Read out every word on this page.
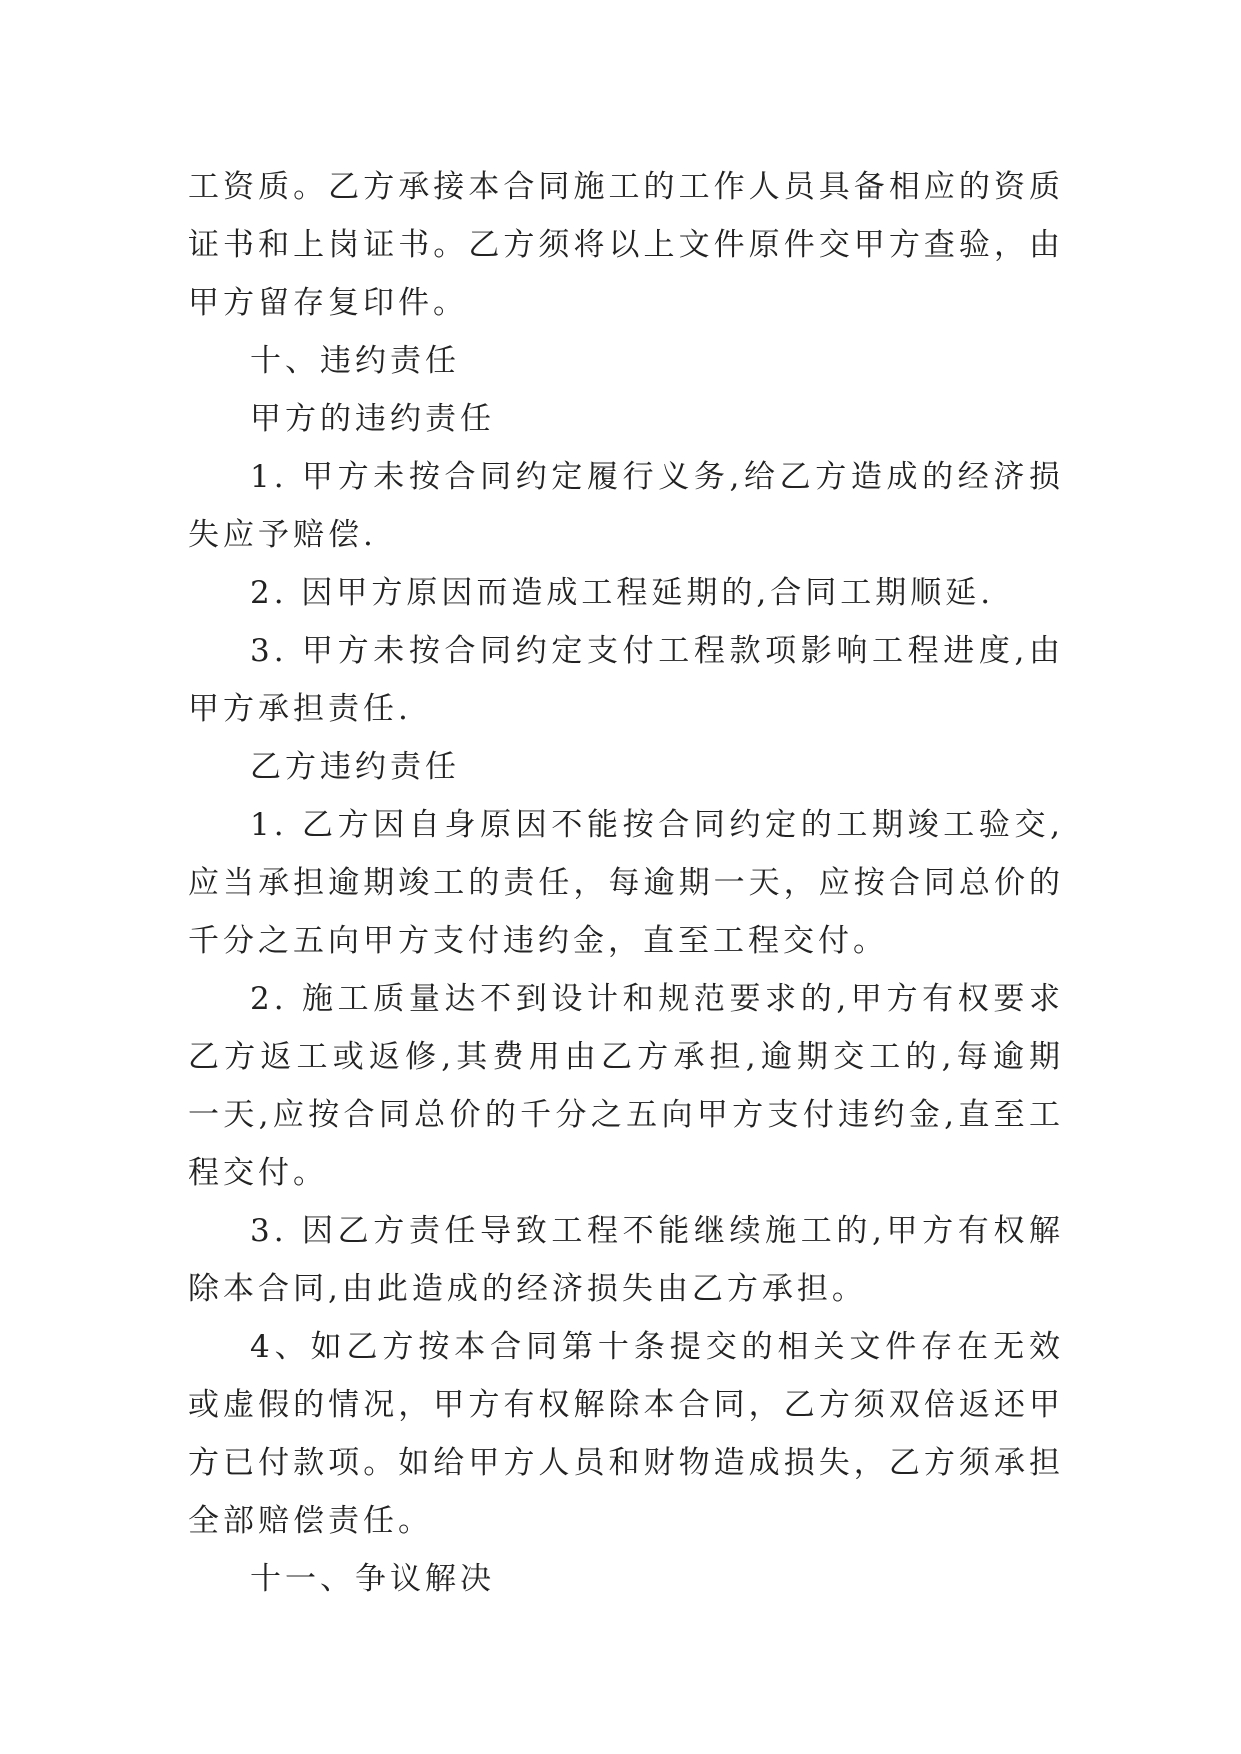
工资质。乙方承接本合同施工的工作人员具备相应的资质证书和上岗证书。乙方须将以上文件原件交甲方查验，由甲方留存复印件。

十、违约责任

甲方的违约责任

1. 甲方未按合同约定履行义务,给乙方造成的经济损失应予赔偿.

2. 因甲方原因而造成工程延期的,合同工期顺延.

3. 甲方未按合同约定支付工程款项影响工程进度,由甲方承担责任.

乙方违约责任

1. 乙方因自身原因不能按合同约定的工期竣工验交,应当承担逾期竣工的责任，每逾期一天，应按合同总价的千分之五向甲方支付违约金，直至工程交付。

2. 施工质量达不到设计和规范要求的,甲方有权要求乙方返工或返修,其费用由乙方承担,逾期交工的,每逾期一天,应按合同总价的千分之五向甲方支付违约金,直至工程交付。

3. 因乙方责任导致工程不能继续施工的,甲方有权解除本合同,由此造成的经济损失由乙方承担。

4、如乙方按本合同第十条提交的相关文件存在无效或虚假的情况，甲方有权解除本合同，乙方须双倍返还甲方已付款项。如给甲方人员和财物造成损失，乙方须承担全部赔偿责任。

十一、争议解决
